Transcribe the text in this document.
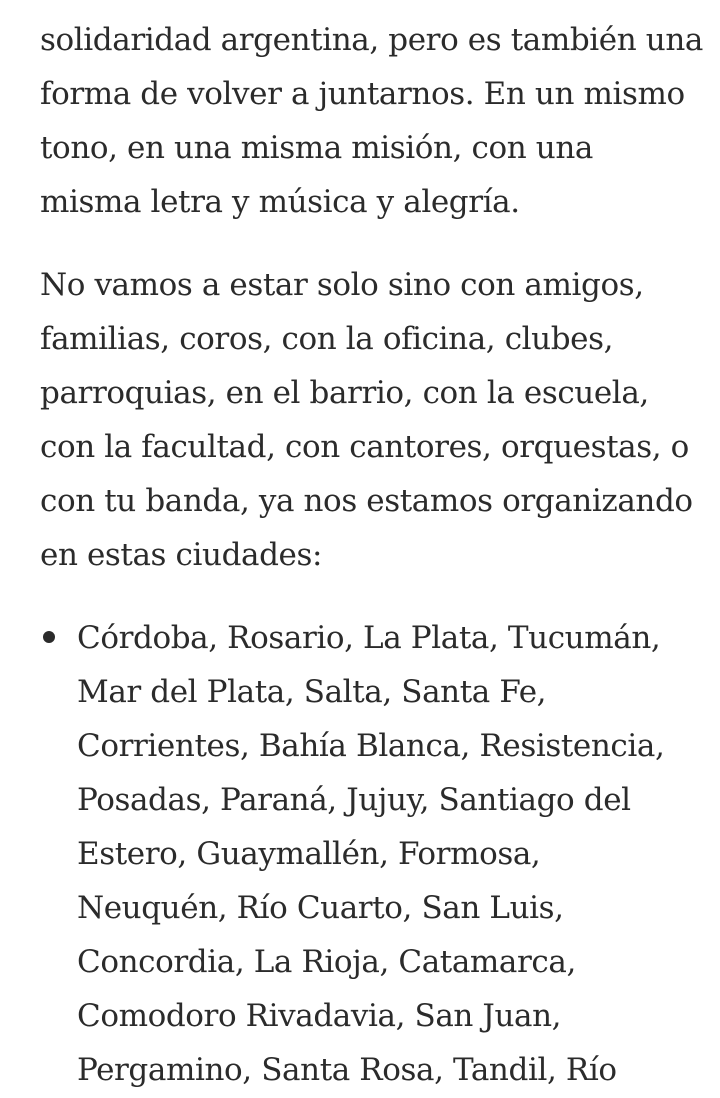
solidaridad argentina, pero es también una
forma de volver a juntarnos. En un mismo
tono, en una misma misión, con una
misma letra y música y alegría.

No vamos a estar solo sino con amigos,
familias, coros, con la oficina, clubes,
parroquias, en el barrio, con la escuela,
con la facultad, con cantores, orquestas, o
con tu banda, ya nos estamos organizando
en estas ciudades:

Córdoba, Rosario, La Plata, Tucumán,
Mar del Plata, Salta, Santa Fe,
Corrientes, Bahía Blanca, Resistencia,
Posadas, Paraná, Jujuy, Santiago del
Estero, Guaymallén, Formosa,
Neuquén, Río Cuarto, San Luis,
Concordia, La Rioja, Catamarca,
Comodoro Rivadavia, San Juan,
Pergamino, Santa Rosa, Tandil, Río
